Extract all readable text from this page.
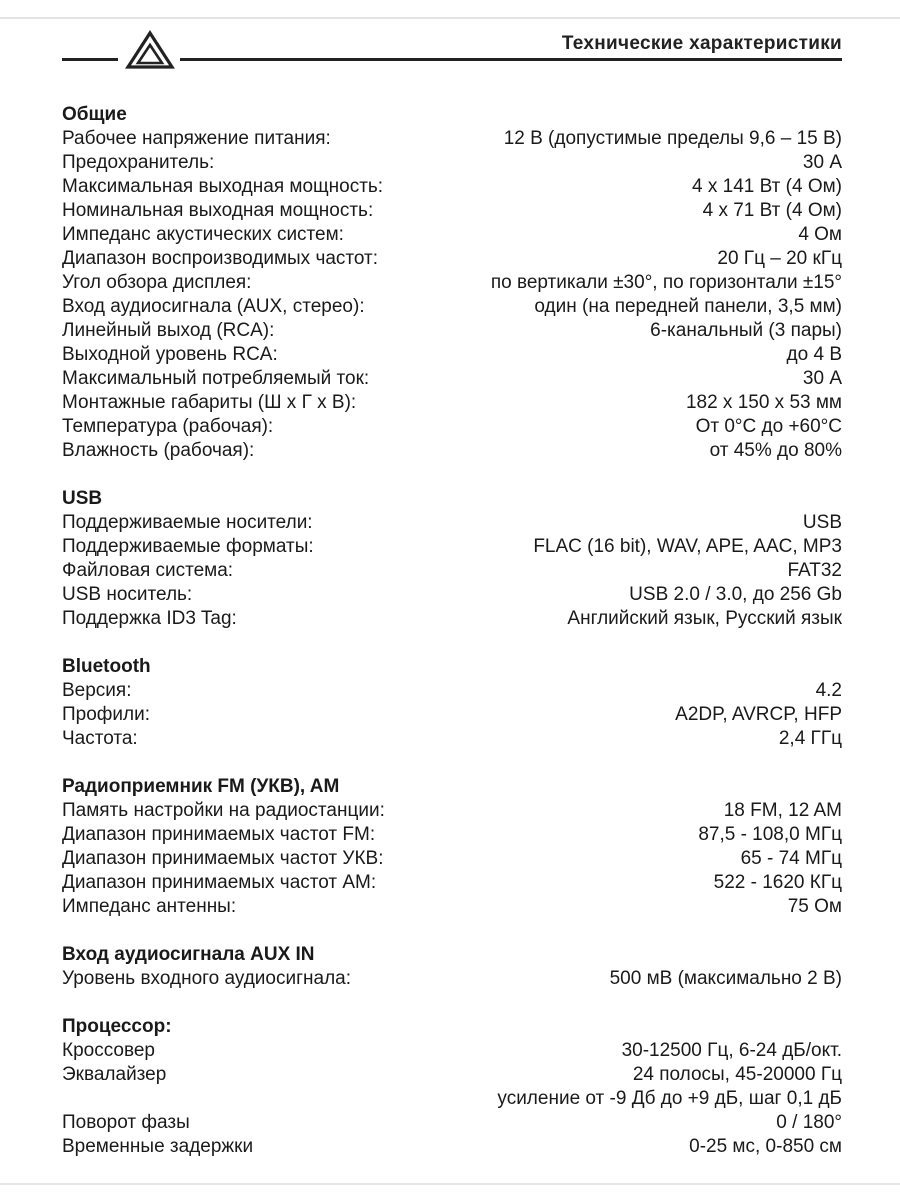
Технические характеристики
Общие
Рабочее напряжение питания:	12 В (допустимые пределы 9,6 – 15 В)
Предохранитель:	30 А
Максимальная выходная мощность:	4 х 141 Вт (4 Ом)
Номинальная выходная мощность:	4 х 71 Вт (4 Ом)
Импеданс акустических систем:	4 Ом
Диапазон воспроизводимых частот:	20 Гц – 20 кГц
Угол обзора дисплея:	по вертикали ±30°, по горизонтали ±15°
Вход аудиосигнала (AUX, стерео):	один (на передней панели, 3,5 мм)
Линейный выход (RCA):	6-канальный (3 пары)
Выходной уровень RCA:	до 4 В
Максимальный потребляемый ток:	30 А
Монтажные габариты (Ш х Г х В):	182 х 150 х 53 мм
Температура (рабочая):	От 0°С до +60°С
Влажность (рабочая):	от 45% до 80%
USB
Поддерживаемые носители:	USB
Поддерживаемые форматы:	FLAC (16 bit), WAV, APE, AAC, MP3
Файловая система:	FAT32
USB носитель:	USB 2.0 / 3.0, до 256 Gb
Поддержка ID3 Tag:	Английский язык, Русский язык
Bluetooth
Версия:	4.2
Профили:	A2DP, AVRCP, HFP
Частота:	2,4 ГГц
Радиоприемник FM (УКВ), AM
Память настройки на радиостанции:	18 FM, 12 AM
Диапазон принимаемых частот FM:	87,5 - 108,0 МГц
Диапазон принимаемых частот УКВ:	65 - 74 МГц
Диапазон принимаемых частот AM:	522 - 1620 КГц
Импеданс антенны:	75 Ом
Вход аудиосигнала AUX IN
Уровень входного аудиосигнала:	500 мВ (максимально 2 В)
Процессор:
Кроссовер	30-12500 Гц, 6-24 дБ/окт.
Эквалайзер	24 полосы, 45-20000 Гц
усиление от -9 Дб до +9 дБ, шаг 0,1 дБ
Поворот фазы	0 / 180°
Временные задержки	0-25 мс, 0-850 см
